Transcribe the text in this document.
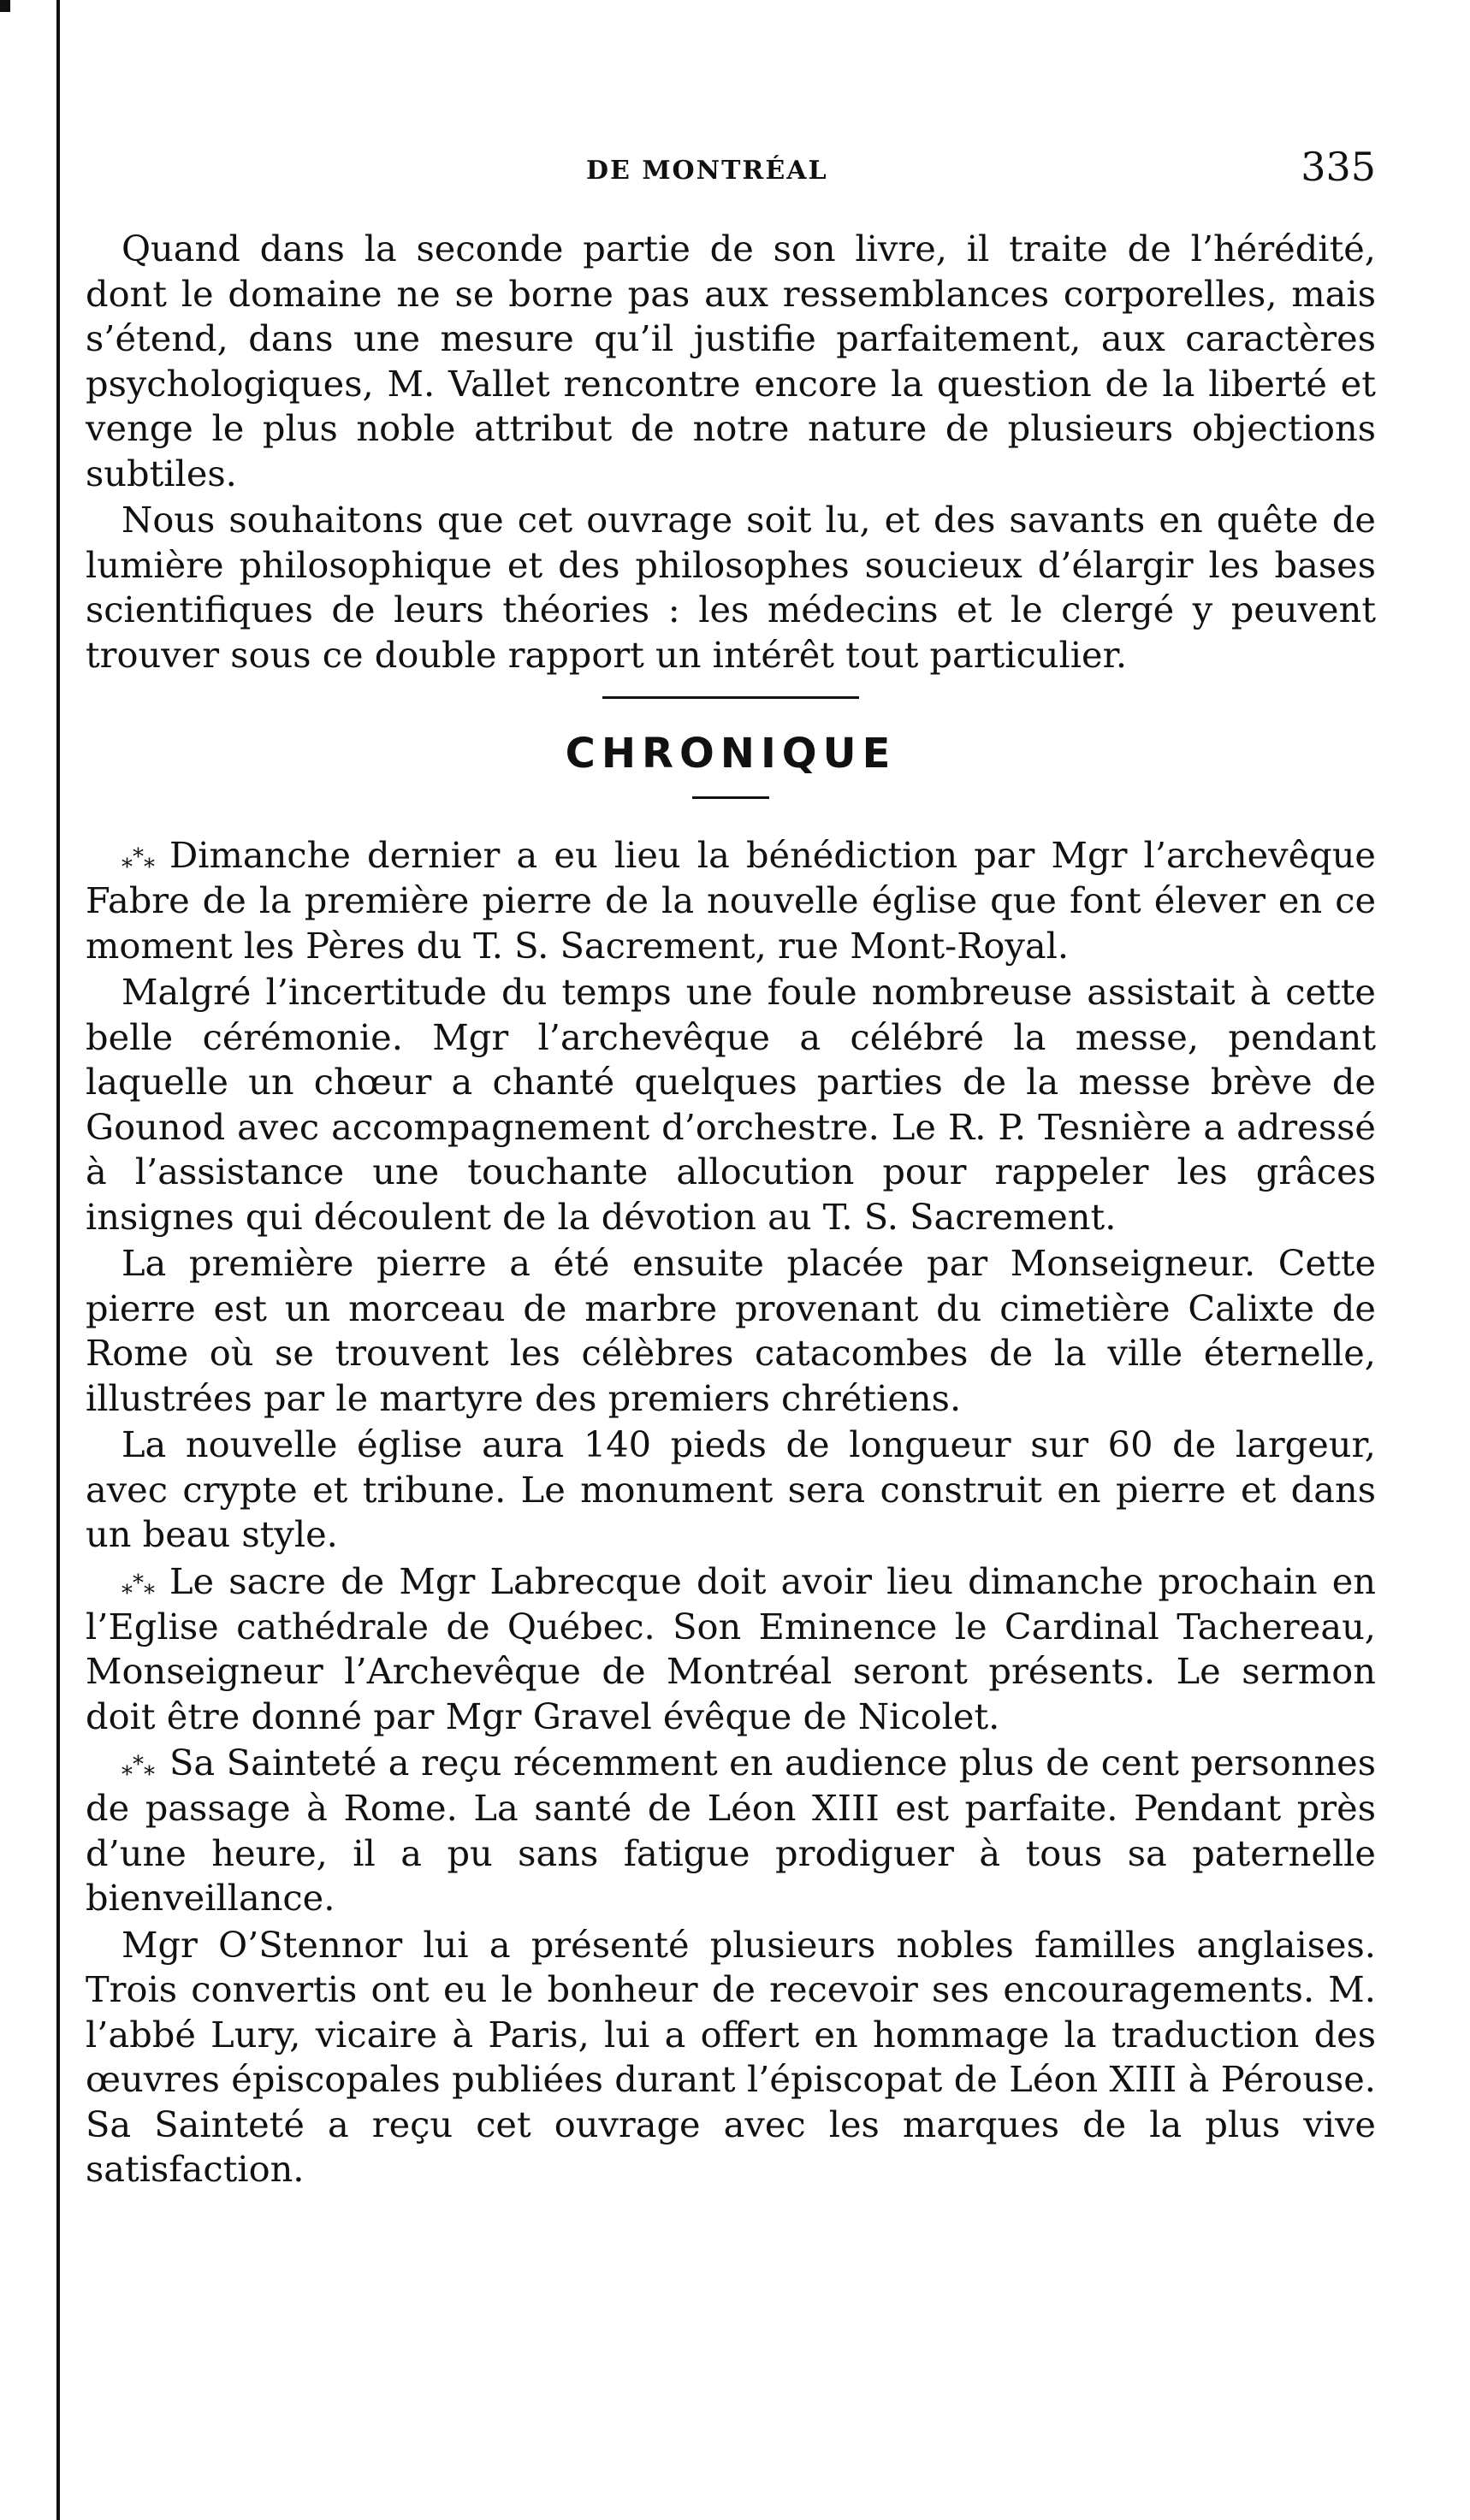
DE MONTRÉAL	335

Quand dans la seconde partie de son livre, il traite de l’hérédité, dont le domaine ne se borne pas aux ressemblances corporelles, mais s’étend, dans une mesure qu’il justifie parfaitement, aux caractères psychologiques, M. Vallet rencontre encore la question de la liberté et venge le plus noble attribut de notre nature de plusieurs objections subtiles.

Nous souhaitons que cet ouvrage soit lu, et des savants en quête de lumière philosophique et des philosophes soucieux d’élargir les bases scientifiques de leurs théories : les médecins et le clergé y peuvent trouver sous ce double rapport un intérêt tout particulier.

CHRONIQUE

*** Dimanche dernier a eu lieu la bénédiction par Mgr l’archevêque Fabre de la première pierre de la nouvelle église que font élever en ce moment les Pères du T. S. Sacrement, rue Mont-Royal.

Malgré l’incertitude du temps une foule nombreuse assistait à cette belle cérémonie. Mgr l’archevêque a célébré la messe, pendant laquelle un chœur a chanté quelques parties de la messe brève de Gounod avec accompagnement d’orchestre. Le R. P. Tesnière a adressé à l’assistance une touchante allocution pour rappeler les grâces insignes qui découlent de la dévotion au T. S. Sacrement.

La première pierre a été ensuite placée par Monseigneur. Cette pierre est un morceau de marbre provenant du cimetière Calixte de Rome où se trouvent les célèbres catacombes de la ville éternelle, illustrées par le martyre des premiers chrétiens.

La nouvelle église aura 140 pieds de longueur sur 60 de largeur, avec crypte et tribune. Le monument sera construit en pierre et dans un beau style.

*** Le sacre de Mgr Labrecque doit avoir lieu dimanche prochain en l’Eglise cathédrale de Québec. Son Eminence le Cardinal Tachereau, Monseigneur l’Archevêque de Montréal seront présents. Le sermon doit être donné par Mgr Gravel évêque de Nicolet.

*** Sa Sainteté a reçu récemment en audience plus de cent personnes de passage à Rome. La santé de Léon XIII est parfaite. Pendant près d’une heure, il a pu sans fatigue prodiguer à tous sa paternelle bienveillance.

Mgr O’Stennor lui a présenté plusieurs nobles familles anglaises. Trois convertis ont eu le bonheur de recevoir ses encouragements. M. l’abbé Lury, vicaire à Paris, lui a offert en hommage la traduction des œuvres épiscopales publiées durant l’épiscopat de Léon XIII à Pérouse. Sa Sainteté a reçu cet ouvrage avec les marques de la plus vive satisfaction.
